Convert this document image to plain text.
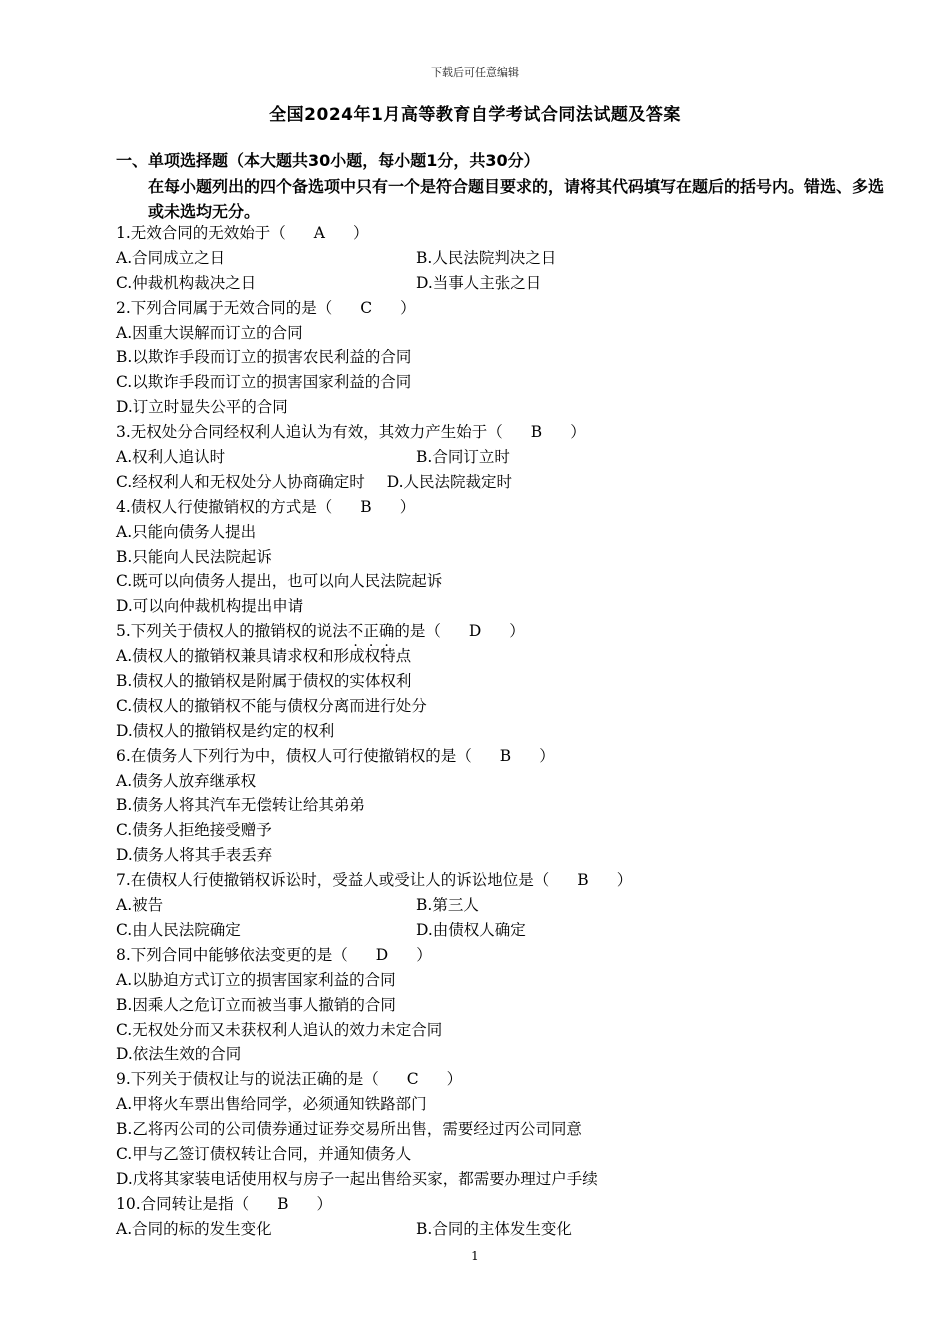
下载后可任意编辑
全国2024年1月高等教育自学考试合同法试题及答案
一、单项选择题（本大题共30小题，每小题1分，共30分）
在每小题列出的四个备选项中只有一个是符合题目要求的，请将其代码填写在题后的括号内。错选、多选或未选均无分。
1.无效合同的无效始于（ A ）
A.合同成立之日	B.人民法院判决之日
C.仲裁机构裁决之日	D.当事人主张之日
2.下列合同属于无效合同的是（ C ）
A.因重大误解而订立的合同
B.以欺诈手段而订立的损害农民利益的合同
C.以欺诈手段而订立的损害国家利益的合同
D.订立时显失公平的合同
3.无权处分合同经权利人追认为有效，其效力产生始于（ B ）
A.权利人追认时	B.合同订立时
C.经权利人和无权处分人协商确定时 D.人民法院裁定时
4.债权人行使撤销权的方式是（ B ）
A.只能向债务人提出
B.只能向人民法院起诉
C.既可以向债务人提出，也可以向人民法院起诉
D.可以向仲裁机构提出申请
5.下列关于债权人的撤销权的说法不正确的是（ D ）
A.债权人的撤销权兼具请求权和形成权特点
B.债权人的撤销权是附属于债权的实体权利
C.债权人的撤销权不能与债权分离而进行处分
D.债权人的撤销权是约定的权利
6.在债务人下列行为中，债权人可行使撤销权的是（ B ）
A.债务人放弃继承权
B.债务人将其汽车无偿转让给其弟弟
C.债务人拒绝接受赠予
D.债务人将其手表丢弃
7.在债权人行使撤销权诉讼时，受益人或受让人的诉讼地位是（ B ）
A.被告	B.第三人
C.由人民法院确定	D.由债权人确定
8.下列合同中能够依法变更的是（ D ）
A.以胁迫方式订立的损害国家利益的合同
B.因乘人之危订立而被当事人撤销的合同
C.无权处分而又未获权利人追认的效力未定合同
D.依法生效的合同
9.下列关于债权让与的说法正确的是（ C ）
A.甲将火车票出售给同学，必须通知铁路部门
B.乙将丙公司的公司债券通过证券交易所出售，需要经过丙公司同意
C.甲与乙签订债权转让合同，并通知债务人
D.戊将其家装电话使用权与房子一起出售给买家，都需要办理过户手续
10.合同转让是指（ B ）
A.合同的标的发生变化	B.合同的主体发生变化
1
